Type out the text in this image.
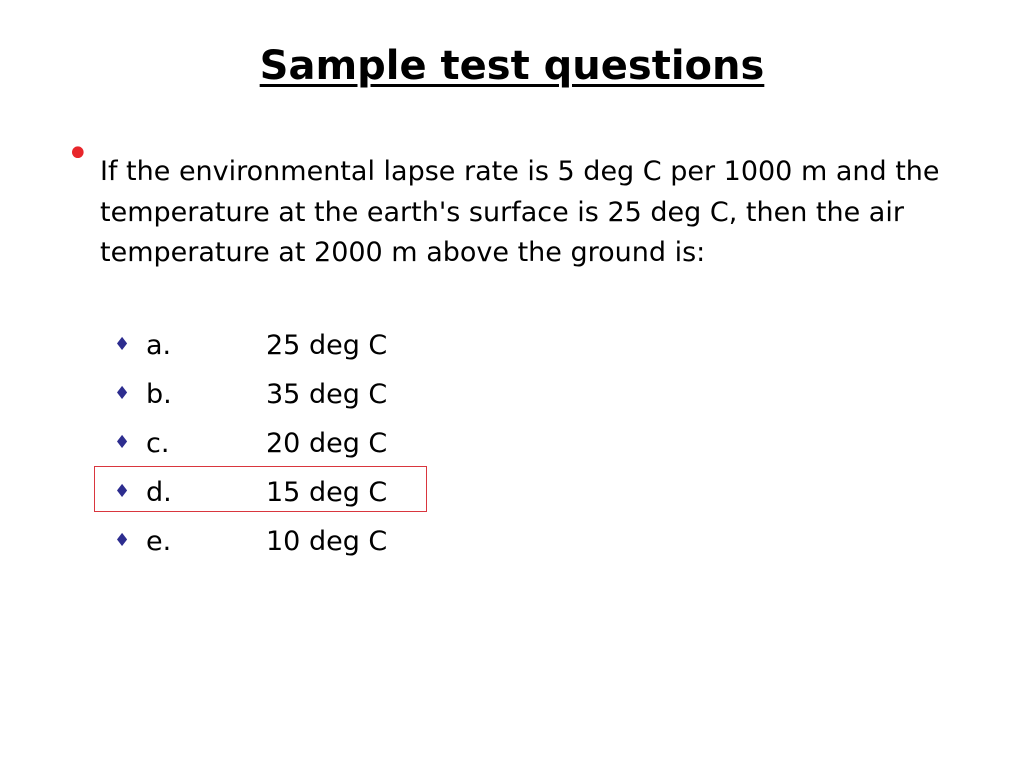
Sample test questions
• If the environmental lapse rate is 5 deg C per 1000 m and the temperature at the earth's surface is 25 deg C, then the air temperature at 2000 m above the ground is:
♦ a.	25 deg C
♦ b.	35 deg C
♦ c.	20 deg C
♦ d.	15 deg C
♦ e.	10 deg C
